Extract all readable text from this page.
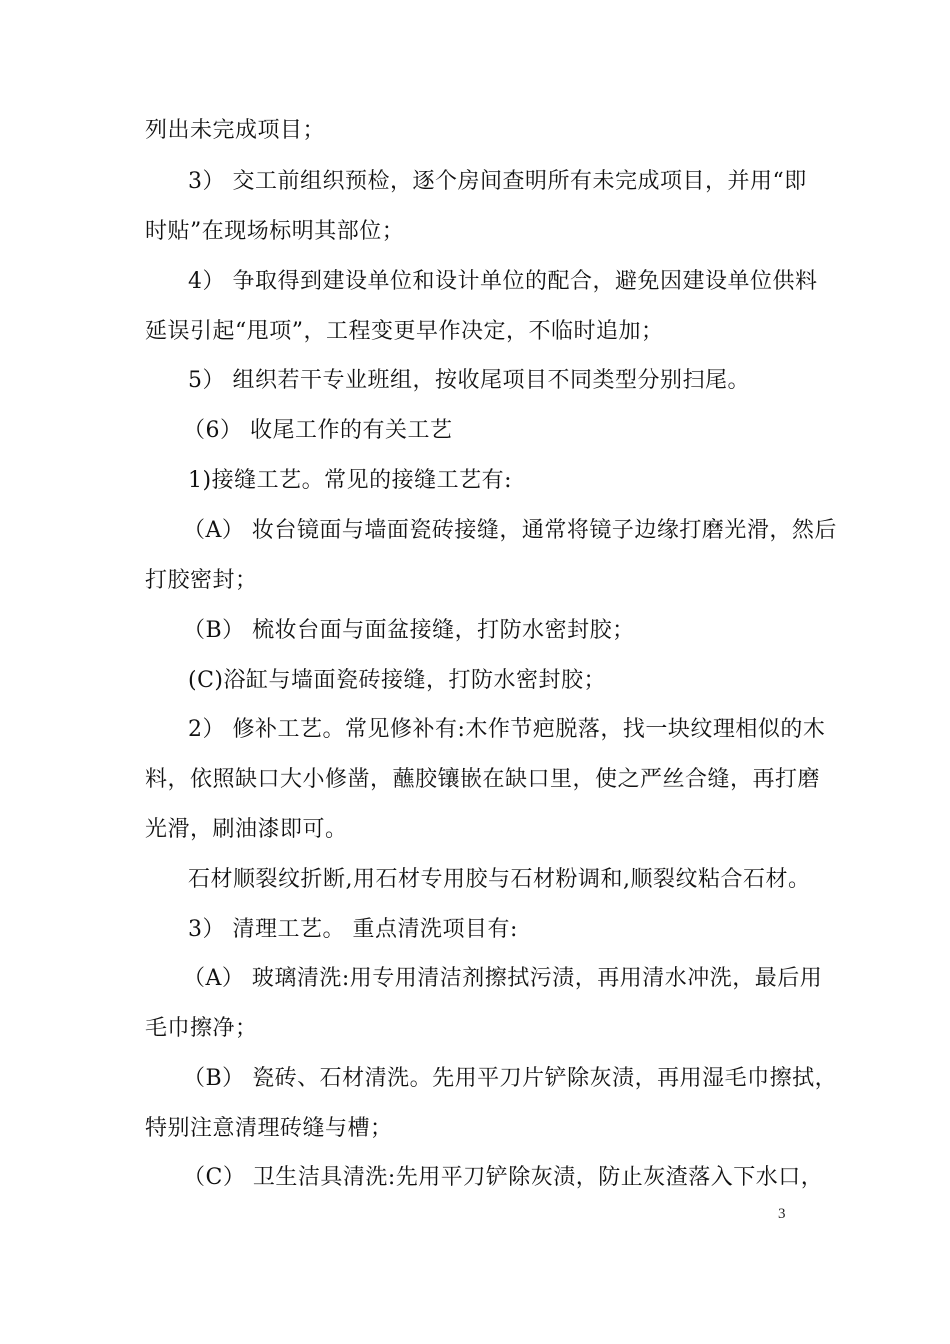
列出未完成项目；
3） 交工前组织预检，逐个房间查明所有未完成项目，并用“即
时贴”在现场标明其部位；
4） 争取得到建设单位和设计单位的配合，避免因建设单位供料
延误引起“甩项”，工程变更早作决定，不临时追加；
5） 组织若干专业班组，按收尾项目不同类型分别扫尾。
（6） 收尾工作的有关工艺
1)接缝工艺。常见的接缝工艺有:
（A） 妆台镜面与墙面瓷砖接缝，通常将镜子边缘打磨光滑，然后
打胶密封；
（B） 梳妆台面与面盆接缝，打防水密封胶；
(C)浴缸与墙面瓷砖接缝，打防水密封胶；
2） 修补工艺。常见修补有:木作节疤脱落，找一块纹理相似的木
料，依照缺口大小修凿，蘸胶镶嵌在缺口里，使之严丝合缝，再打磨
光滑，刷油漆即可。
石材顺裂纹折断,用石材专用胶与石材粉调和,顺裂纹粘合石材。
3） 清理工艺。 重点清洗项目有:
（A） 玻璃清洗:用专用清洁剂擦拭污渍，再用清水冲洗，最后用
毛巾擦净；
（B） 瓷砖、石材清洗。先用平刀片铲除灰渍，再用湿毛巾擦拭，
特别注意清理砖缝与槽；
（C） 卫生洁具清洗:先用平刀铲除灰渍，防止灰渣落入下水口，
3
